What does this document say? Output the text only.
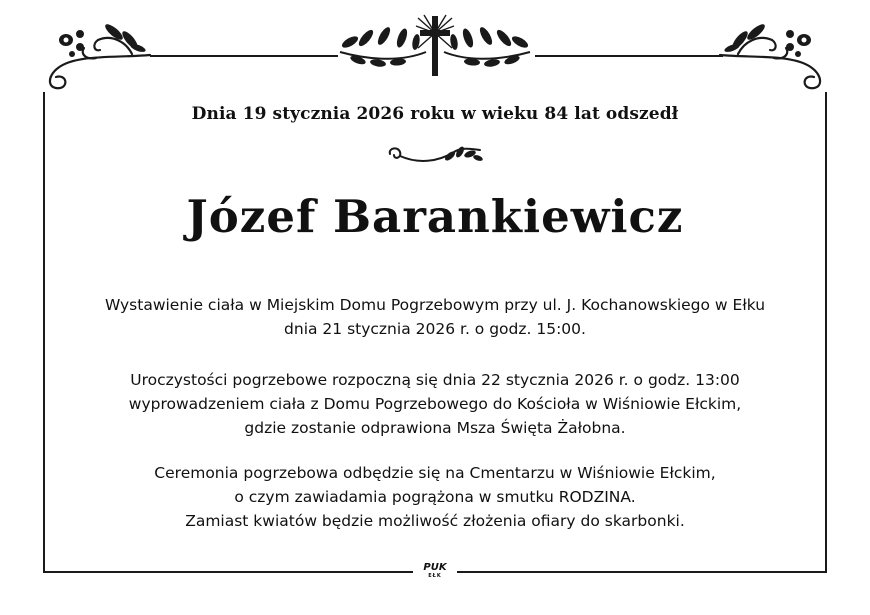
Dnia 19 stycznia 2026 roku w wieku 84 lat odszedł
Józef Barankiewicz
Wystawienie ciała w Miejskim Domu Pogrzebowym przy ul. J. Kochanowskiego w Ełku
dnia 21 stycznia 2026 r. o godz. 15:00.
Uroczystości pogrzebowe rozpoczną się dnia 22 stycznia 2026 r. o godz. 13:00
wyprowadzeniem ciała z Domu Pogrzebowego do Kościoła w Wiśniowie Ełckim,
gdzie zostanie odprawiona Msza Święta Żałobna.
Ceremonia pogrzebowa odbędzie się na Cmentarzu w Wiśniowie Ełckim,
o czym zawiadamia pogrążona w smutku RODZINA.
Zamiast kwiatów będzie możliwość złożenia ofiary do skarbonki.
PUK
EŁK
